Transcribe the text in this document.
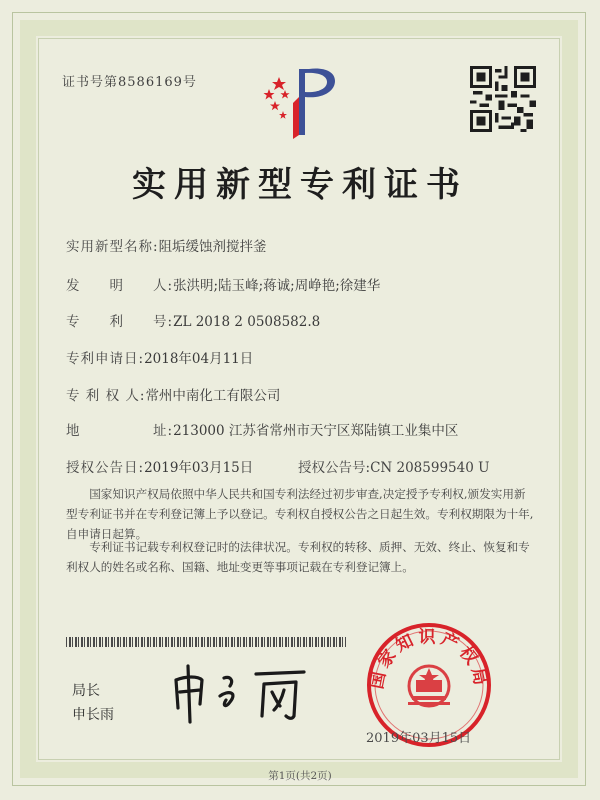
证书号第8586169号
实用新型专利证书
实用新型名称:阻垢缓蚀剂搅拌釜
发　　明　　人:张洪明;陆玉峰;蒋诚;周峥艳;徐建华
专　　利　　号:ZL 2018 2 0508582.8
专利申请日:2018年04月11日
专 利 权 人:常州中南化工有限公司
地　　　　　址:213000 江苏省常州市天宁区郑陆镇工业集中区
授权公告日:2019年03月15日	授权公告号:CN 208599540 U
国家知识产权局依照中华人民共和国专利法经过初步审查,决定授予专利权,颁发实用新型专利证书并在专利登记簿上予以登记。专利权自授权公告之日起生效。专利权期限为十年,自申请日起算。
专利证书记载专利权登记时的法律状况。专利权的转移、质押、无效、终止、恢复和专利权人的姓名或名称、国籍、地址变更等事项记载在专利登记簿上。
局长
申长雨
国家知识产权局
2019年03月15日
第1页(共2页)
